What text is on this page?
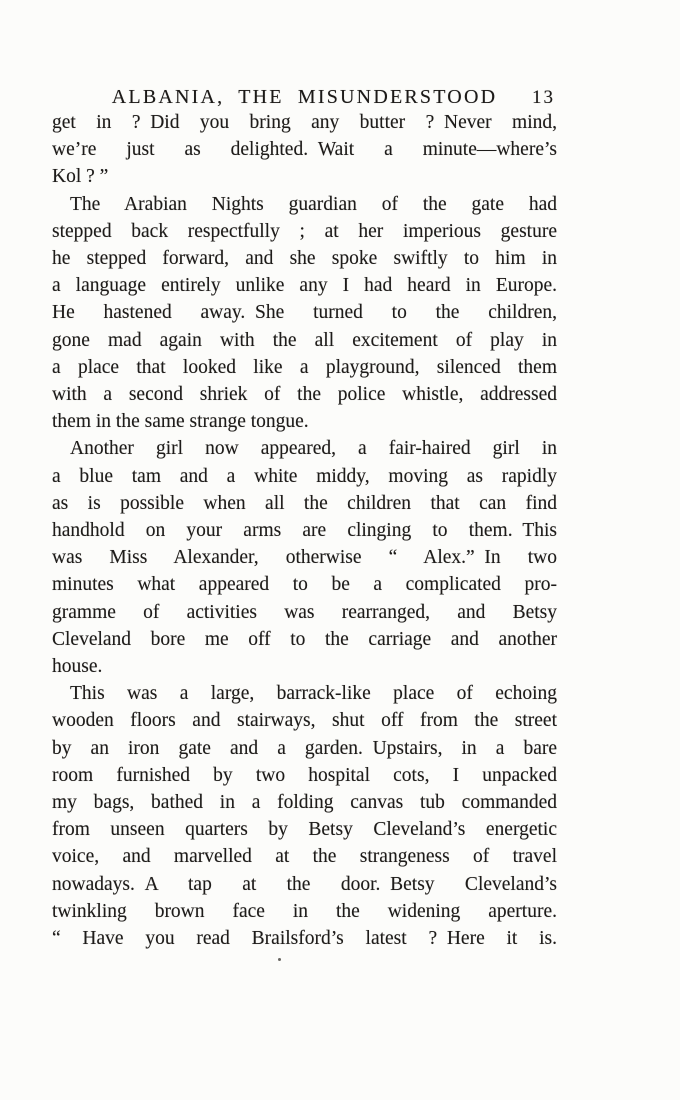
ALBANIA, THE MISUNDERSTOOD 13
get in ? Did you bring any butter ? Never mind,
we’re just as delighted. Wait a minute—where’s
Kol ? ”
The Arabian Nights guardian of the gate had
stepped back respectfully ; at her imperious gesture
he stepped forward, and she spoke swiftly to him in
a language entirely unlike any I had heard in Europe.
He hastened away. She turned to the children,
gone mad again with the all excitement of play in
a place that looked like a playground, silenced them
with a second shriek of the police whistle, addressed
them in the same strange tongue.
Another girl now appeared, a fair-haired girl in
a blue tam and a white middy, moving as rapidly
as is possible when all the children that can find
handhold on your arms are clinging to them. This
was Miss Alexander, otherwise “ Alex.” In two
minutes what appeared to be a complicated pro-
gramme of activities was rearranged, and Betsy
Cleveland bore me off to the carriage and another
house.
This was a large, barrack-like place of echoing
wooden floors and stairways, shut off from the street
by an iron gate and a garden. Upstairs, in a bare
room furnished by two hospital cots, I unpacked
my bags, bathed in a folding canvas tub commanded
from unseen quarters by Betsy Cleveland’s energetic
voice, and marvelled at the strangeness of travel
nowadays. A tap at the door. Betsy Cleveland’s
twinkling brown face in the widening aperture.
“ Have you read Brailsford’s latest ? Here it is.
